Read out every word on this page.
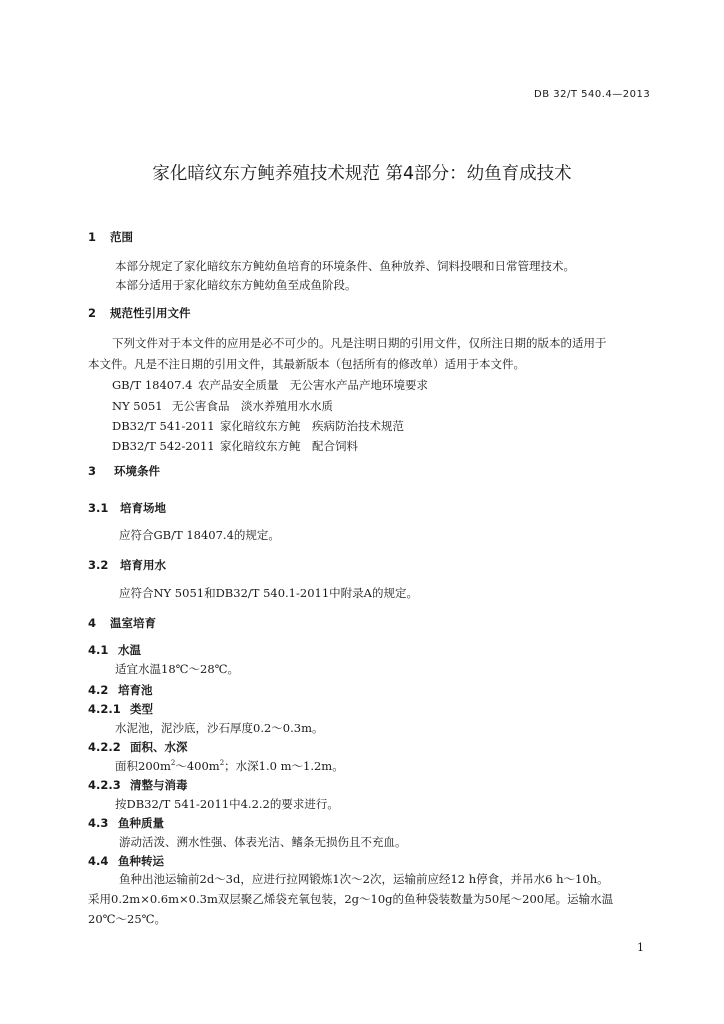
DB 32/T 540.4—2013
家化暗纹东方鲀养殖技术规范 第4部分：幼鱼育成技术
1 范围
本部分规定了家化暗纹东方鲀幼鱼培育的环境条件、鱼种放养、饲料投喂和日常管理技术。
本部分适用于家化暗纹东方鲀幼鱼至成鱼阶段。
2 规范性引用文件
下列文件对于本文件的应用是必不可少的。凡是注明日期的引用文件，仅所注日期的版本的适用于
本文件。凡是不注日期的引用文件，其最新版本（包括所有的修改单）适用于本文件。
GB/T 18407.4 农产品安全质量　无公害水产品产地环境要求
NY 5051 无公害食品　淡水养殖用水水质
DB32/T 541-2011 家化暗纹东方鲀　疾病防治技术规范
DB32/T 542-2011 家化暗纹东方鲀　配合饲料
3 环境条件
3.1 培育场地
应符合GB/T 18407.4的规定。
3.2 培育用水
应符合NY 5051和DB32/T 540.1-2011中附录A的规定。
4 温室培育
4.1 水温
适宜水温18℃～28℃。
4.2 培育池
4.2.1 类型
水泥池，泥沙底，沙石厚度0.2～0.3m。
4.2.2 面积、水深
面积$200m^2\sim 400m^2$；水深1.0 m～1.2m。
4.2.3 清整与消毒
按DB32/T 541-2011中4.2.2的要求进行。
4.3 鱼种质量
游动活泼、溯水性强、体表光洁、鳍条无损伤且不充血。
4.4 鱼种转运
鱼种出池运输前2d～3d，应进行拉网锻炼1次～2次，运输前应经12 h停食，并吊水6 h～10h。
采用0.2m×0.6m×0.3m双层聚乙烯袋充氧包装，2g～10g的鱼种袋装数量为50尾～200尾。运输水温
20℃～25℃。
1
